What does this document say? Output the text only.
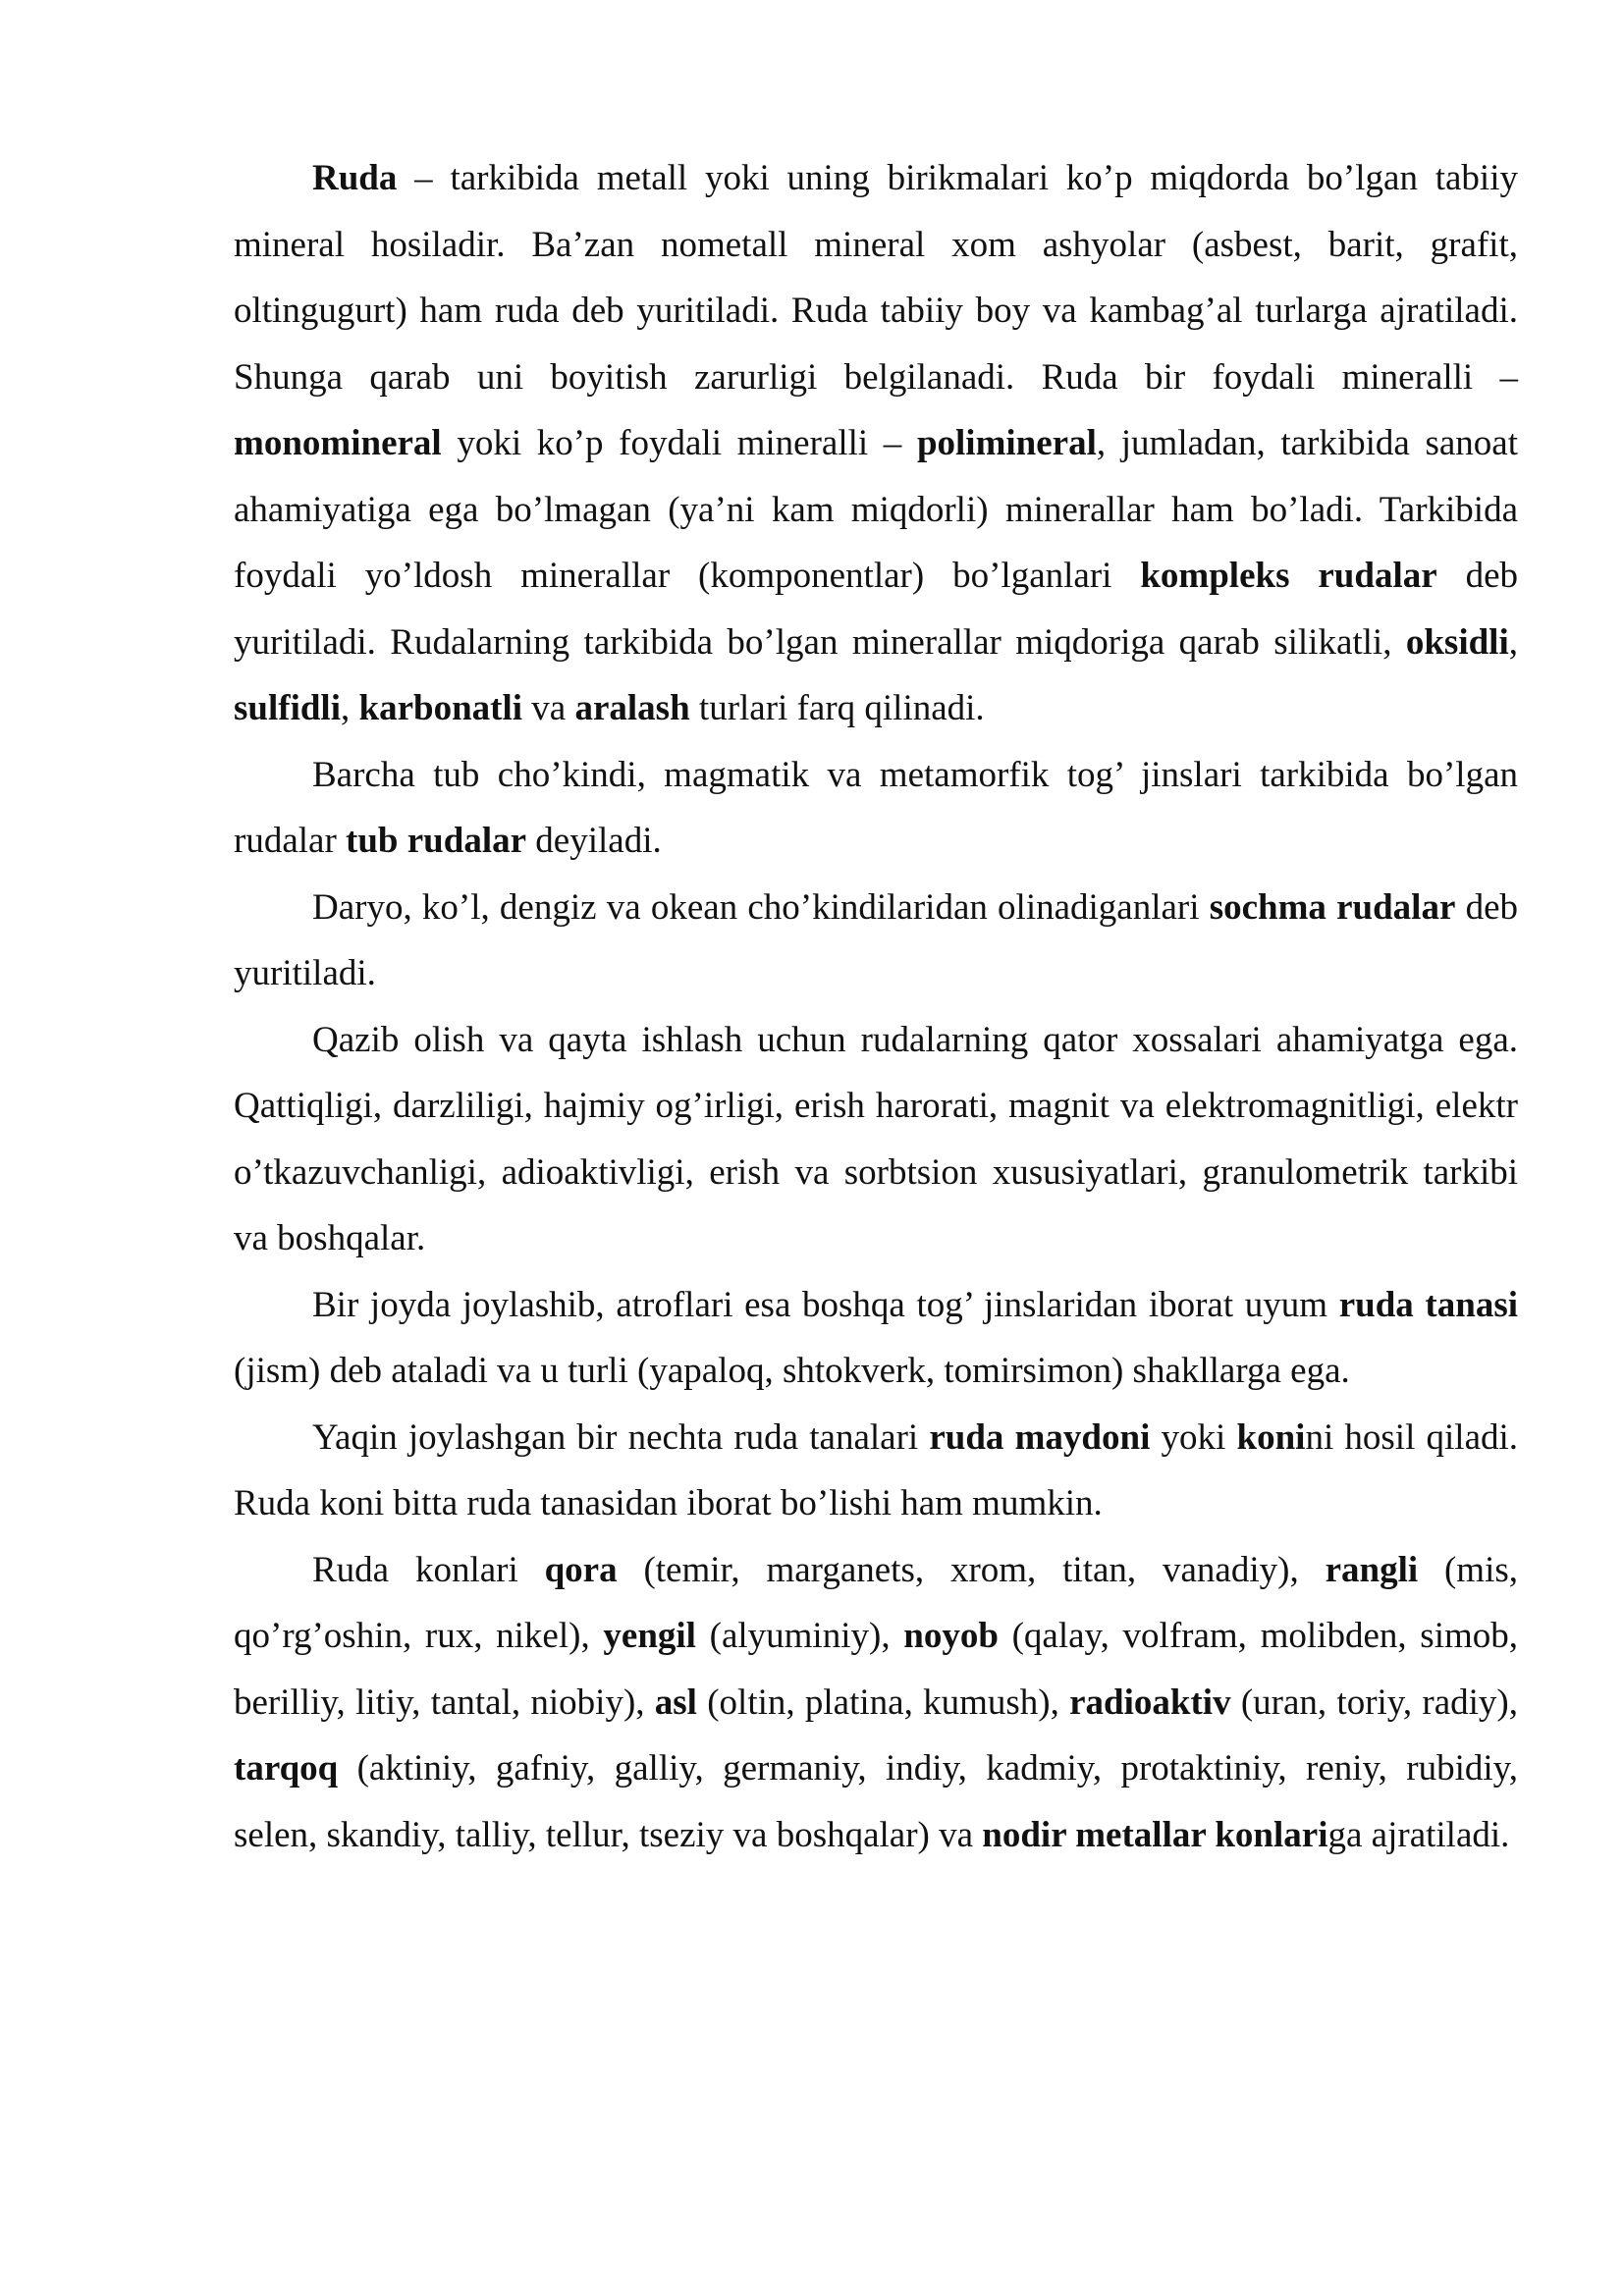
Ruda – tarkibida metall yoki uning birikmalari ko’p miqdorda bo’lgan tabiiy mineral hosiladir. Ba’zan nometall mineral xom ashyolar (asbest, barit, grafit, oltingugurt) ham ruda deb yuritiladi. Ruda tabiiy boy va kambag’al turlarga ajratiladi. Shunga qarab uni boyitish zarurligi belgilanadi. Ruda bir foydali mineralli – monomineral yoki ko’p foydali mineralli – polimineral, jumladan, tarkibida sanoat ahamiyatiga ega bo’lmagan (ya’ni kam miqdorli) minerallar ham bo’ladi. Tarkibida foydali yo’ldosh minerallar (komponentlar) bo’lganlari kompleks rudalar deb yuritiladi. Rudalarning tarkibida bo’lgan minerallar miqdoriga qarab silikatli, oksidli, sulfidli, karbonatli va aralash turlari farq qilinadi.

Barcha tub cho’kindi, magmatik va metamorfik tog’ jinslari tarkibida bo’lgan rudalar tub rudalar deyiladi.

Daryo, ko’l, dengiz va okean cho’kindilaridan olinadiganlari sochma rudalar deb yuritiladi.

Qazib olish va qayta ishlash uchun rudalarning qator xossalari ahamiyatga ega. Qattiqligi, darzliligi, hajmiy og’irligi, erish harorati, magnit va elektromagnitligi, elektr o’tkazuvchanligi, adioaktivligi, erish va sorbtsion xususiyatlari, granulometrik tarkibi va boshqalar.

Bir joyda joylashib, atroflari esa boshqa tog’ jinslaridan iborat uyum ruda tanasi (jism) deb ataladi va u turli (yapaloq, shtokverk, tomirsimon) shakllarga ega.

Yaqin joylashgan bir nechta ruda tanalari ruda maydoni yoki konini hosil qiladi. Ruda koni bitta ruda tanasidan iborat bo’lishi ham mumkin.

Ruda konlari qora (temir, marganets, xrom, titan, vanadiy), rangli (mis, qo’rg’oshin, rux, nikel), yengil (alyuminiy), noyob (qalay, volfram, molibden, simob, berilliy, litiy, tantal, niobiy), asl (oltin, platina, kumush), radioaktiv (uran, toriy, radiy), tarqoq (aktiniy, gafniy, galliy, germaniy, indiy, kadmiy, protaktiniy, reniy, rubidiy, selen, skandiy, talliy, tellur, tseziy va boshqalar) va nodir metallar konlariga ajratiladi.
